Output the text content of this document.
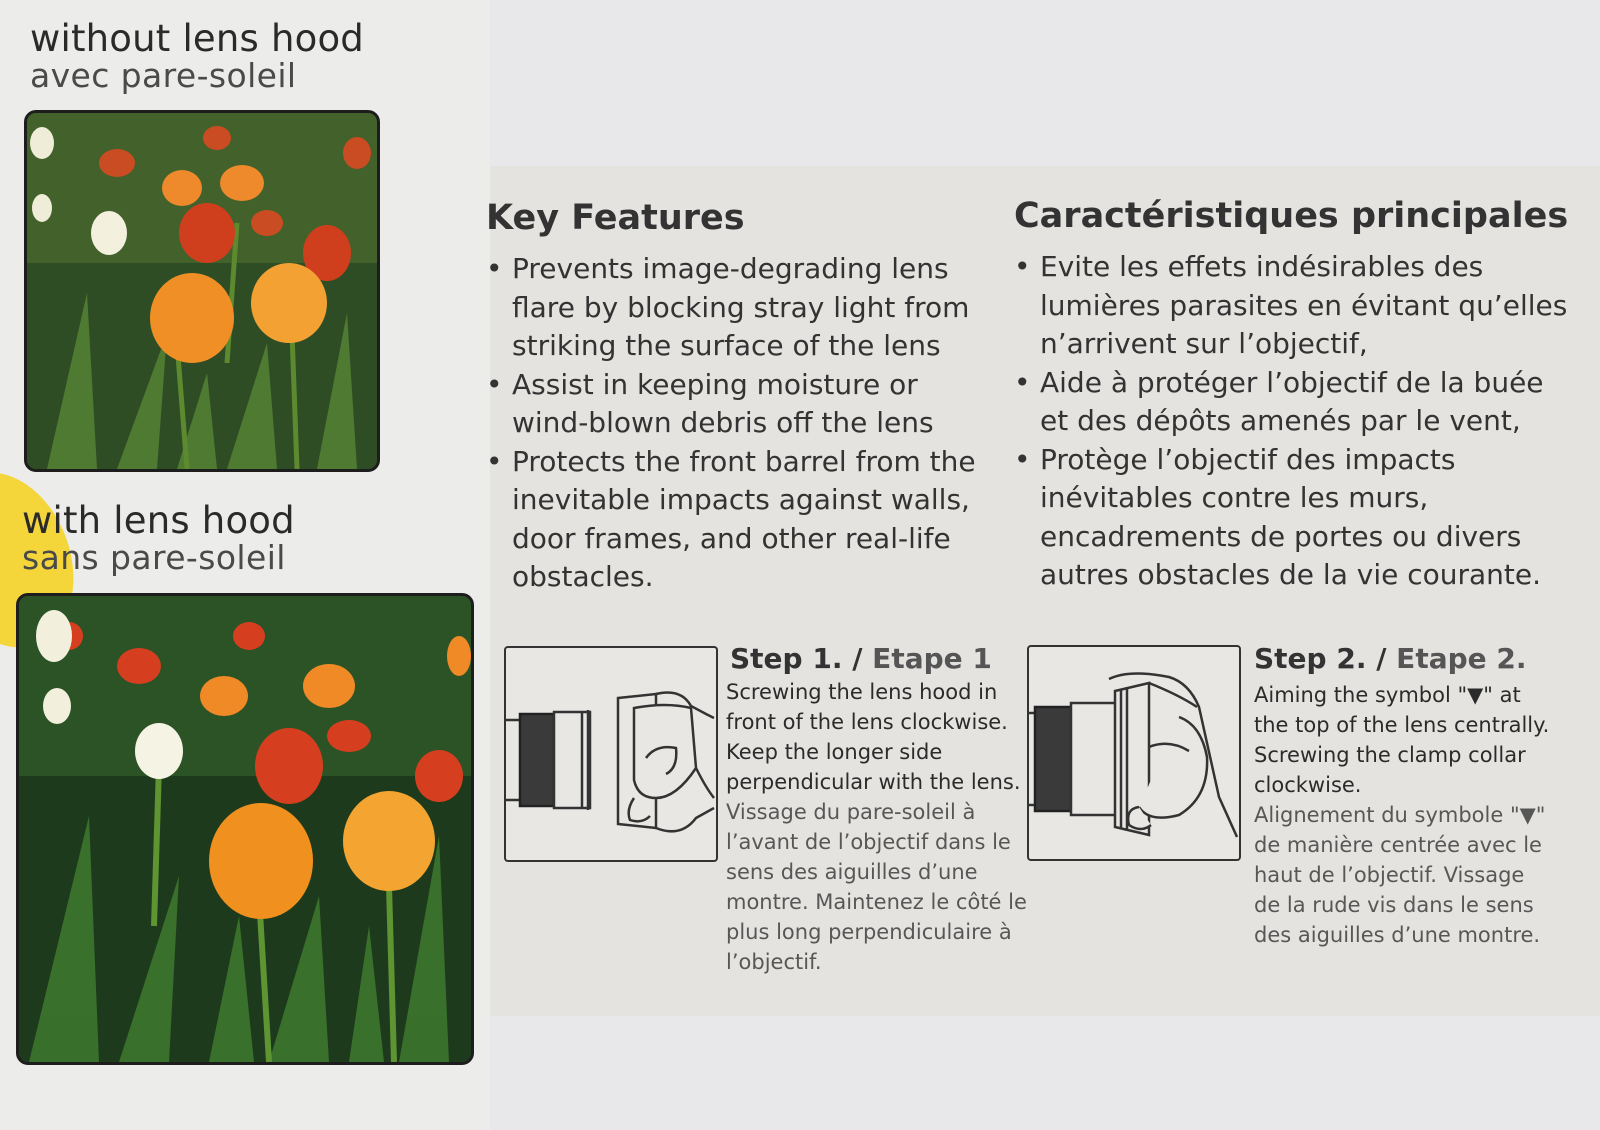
without lens hood
avec pare-soleil
with lens hood
sans pare-soleil
Key Features
• Prevents image-degrading lens flare by blocking stray light from striking the surface of the lens
• Assist in keeping moisture or wind-blown debris off the lens
• Protects the front barrel from the inevitable impacts against walls, door frames, and other real-life obstacles.
Caractéristiques principales
• Evite les effets indésirables des lumières parasites en évitant qu’elles n’arrivent sur l’objectif,
• Aide à protéger l’objectif de la buée et des dépôts amenés par le vent,
• Protège l’objectif des impacts inévitables contre les murs, encadrements de portes ou divers autres obstacles de la vie courante.
Step 1. / Etape 1
Screwing the lens hood in front of the lens clockwise. Keep the longer side perpendicular with the lens.
Vissage du pare-soleil à l’avant de l’objectif dans le sens des aiguilles d’une montre. Maintenez le côté le plus long perpendiculaire à l’objectif.
Step 2. / Etape 2.
Aiming the symbol "▼" at the top of the lens centrally. Screwing the clamp collar clockwise.
Alignement du symbole "▼" de manière centrée avec le haut de l’objectif. Vissage de la rude vis dans le sens des aiguilles d’une montre.
